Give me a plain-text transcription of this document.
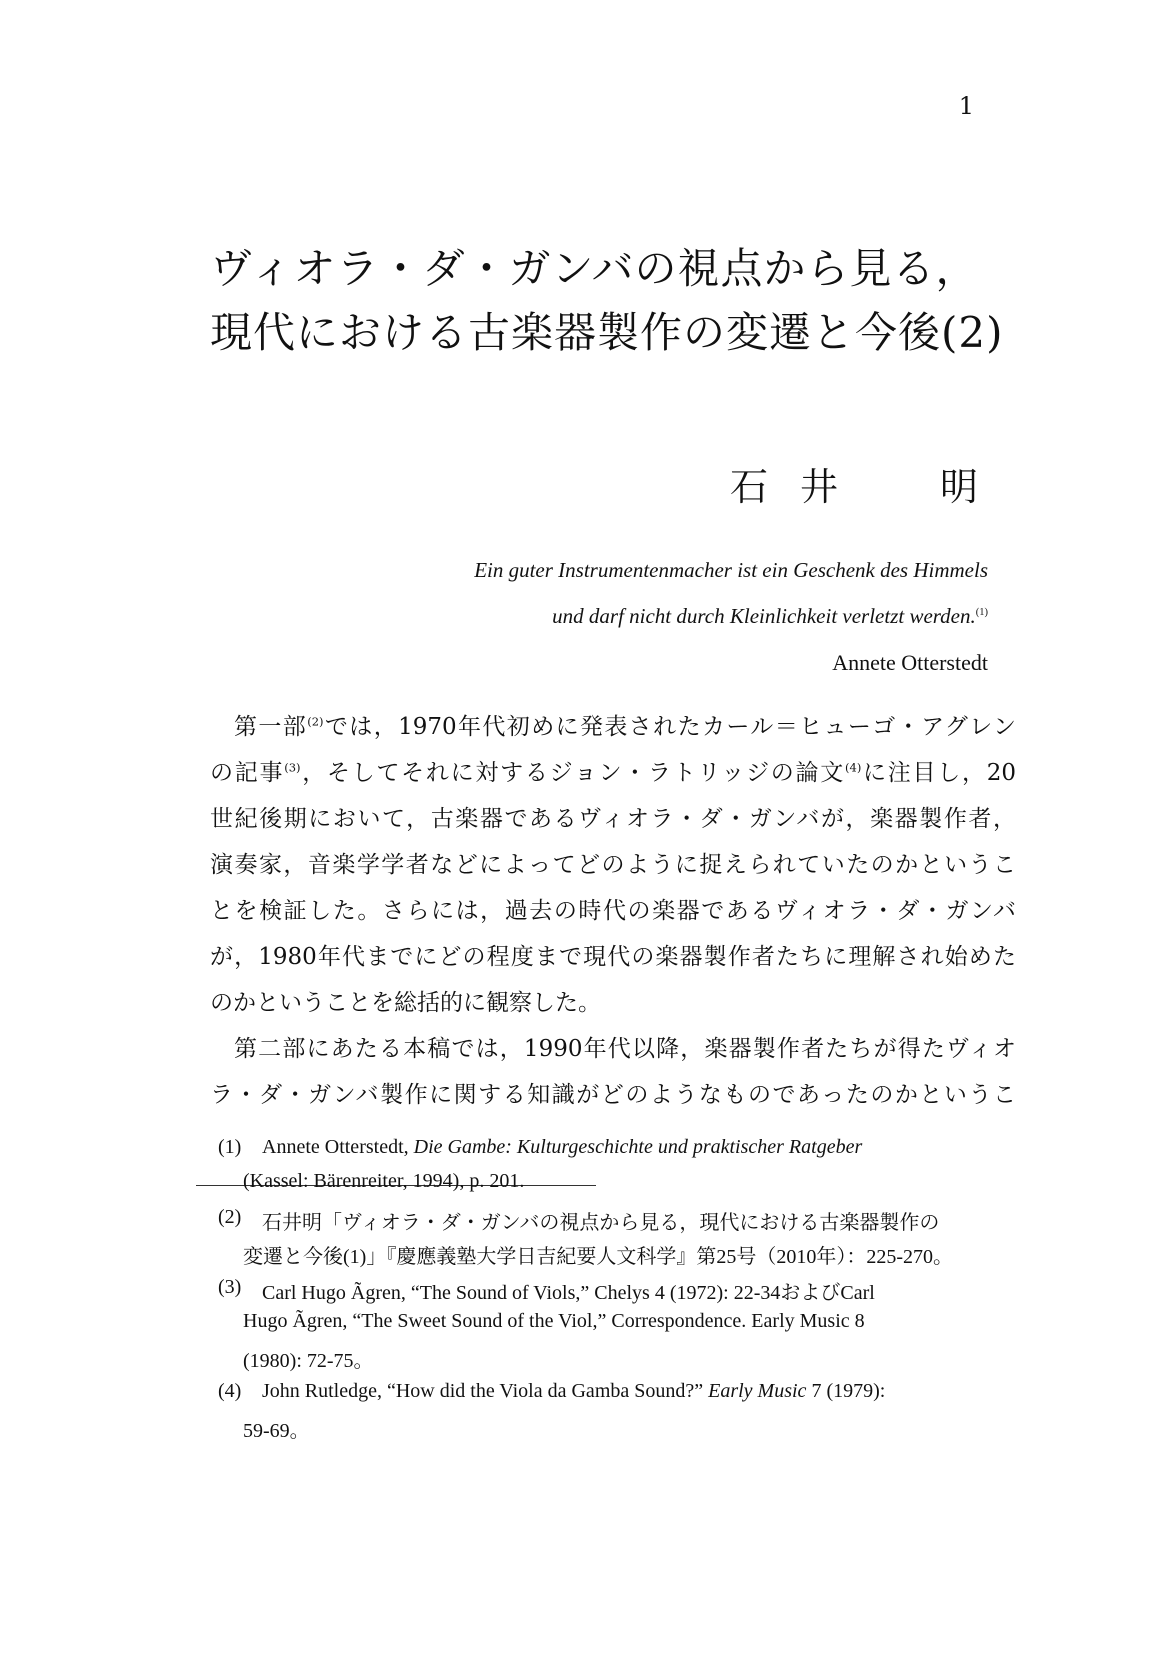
1
ヴィオラ・ダ・ガンバの視点から見る，
現代における古楽器製作の変遷と今後(2)
石 井	明
Ein guter Instrumentenmacher ist ein Geschenk des Himmels
und darf nicht durch Kleinlichkeit verletzt werden.$^{(1)}$
Annete Otterstedt
第一部$^{(2)}$では，1970年代初めに発表されたカール＝ヒューゴ・アグレン
の記事$^{(3)}$，そしてそれに対するジョン・ラトリッジの論文$^{(4)}$に注目し，20
世紀後期において，古楽器であるヴィオラ・ダ・ガンバが，楽器製作者，
演奏家，音楽学学者などによってどのように捉えられていたのかというこ
とを検証した。さらには，過去の時代の楽器であるヴィオラ・ダ・ガンバ
が，1980年代までにどの程度まで現代の楽器製作者たちに理解され始めた
のかということを総括的に観察した。
第二部にあたる本稿では，1990年代以降，楽器製作者たちが得たヴィオ
ラ・ダ・ガンバ製作に関する知識がどのようなものであったのかというこ
(1) Annete Otterstedt, Die Gambe: Kulturgeschichte und praktischer Ratgeber
(Kassel: Bärenreiter, 1994), p. 201.
(2) 石井明「ヴィオラ・ダ・ガンバの視点から見る，現代における古楽器製作の
変遷と今後(1)」『慶應義塾大学日吉紀要人文科学』第25号（2010年）：225-270。
(3) Carl Hugo Ãgren, “The Sound of Viols,” Chelys 4 (1972): 22-34およびCarl
Hugo Ãgren, “The Sweet Sound of the Viol,” Correspondence. Early Music 8
(1980): 72-75。
(4) John Rutledge, “How did the Viola da Gamba Sound?” Early Music 7 (1979):
59-69。
